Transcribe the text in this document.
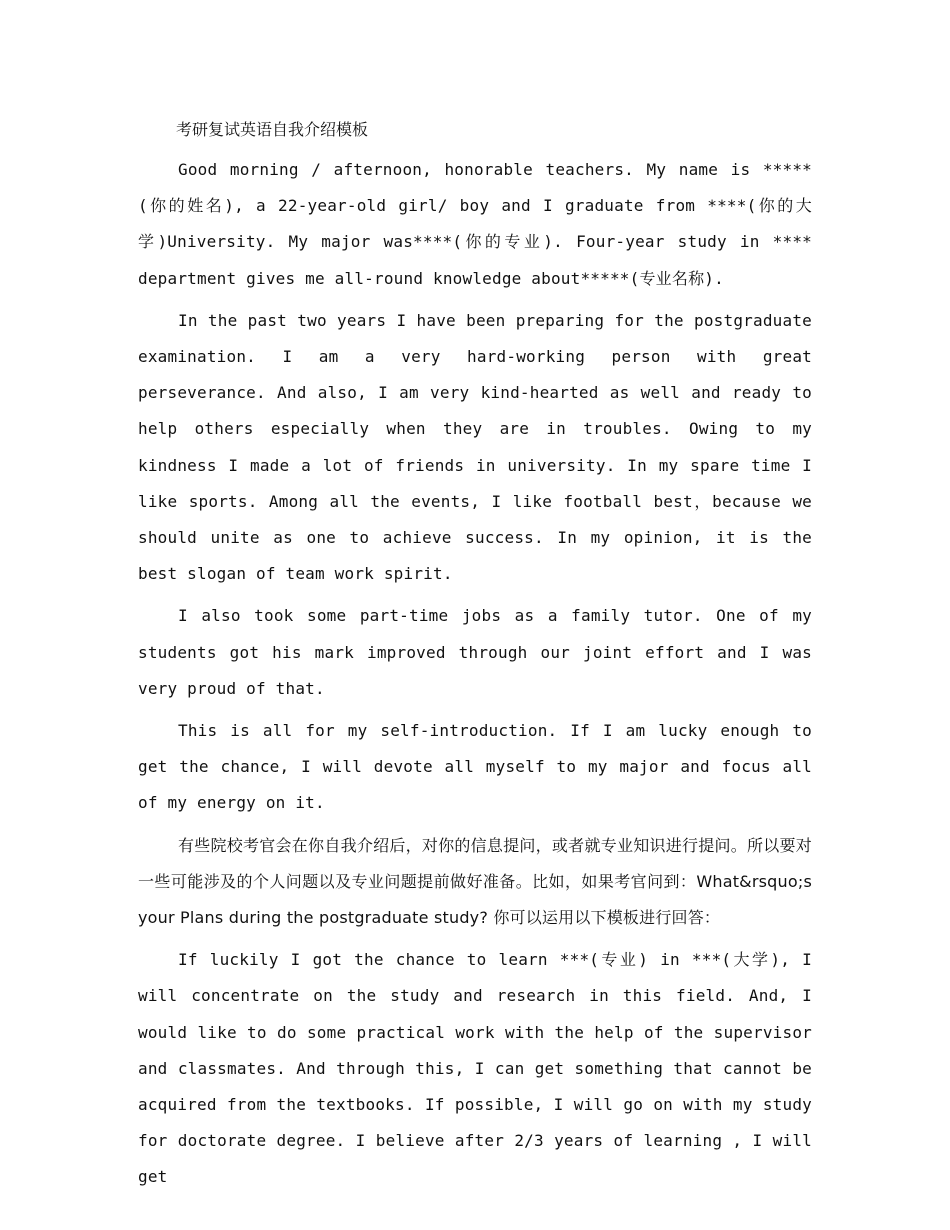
考研复试英语自我介绍模板

Good morning / afternoon, honorable teachers. My name is *****(你的姓名), a 22-year-old girl/ boy and I graduate from ****(你的大学)University. My major was****(你的专业). Four-year study in **** department gives me all-round knowledge about*****(专业名称).

In the past two years I have been preparing for the postgraduate examination. I am a very hard-working person with great perseverance. And also, I am very kind-hearted as well and ready to help others especially when they are in troubles. Owing to my kindness I made a lot of friends in university. In my spare time I like sports. Among all the events, I like football best，because we should unite as one to achieve success. In my opinion, it is the best slogan of team work spirit.

I also took some part-time jobs as a family tutor. One of my students got his mark improved through our joint effort and I was very proud of that.

This is all for my self-introduction. If I am lucky enough to get the chance, I will devote all myself to my major and focus all of my energy on it.

有些院校考官会在你自我介绍后，对你的信息提问，或者就专业知识进行提问。所以要对一些可能涉及的个人问题以及专业问题提前做好准备。比如，如果考官问到：What&rsquo;s your Plans during the postgraduate study? 你可以运用以下模板进行回答：

If luckily I got the chance to learn ***(专业) in ***(大学), I will concentrate on the study and research in this field. And, I would like to do some practical work with the help of the supervisor and classmates. And through this, I can get something that cannot be acquired from the textbooks. If possible, I will go on with my study for doctorate degree. I believe after 2/3 years of learning , I will get
